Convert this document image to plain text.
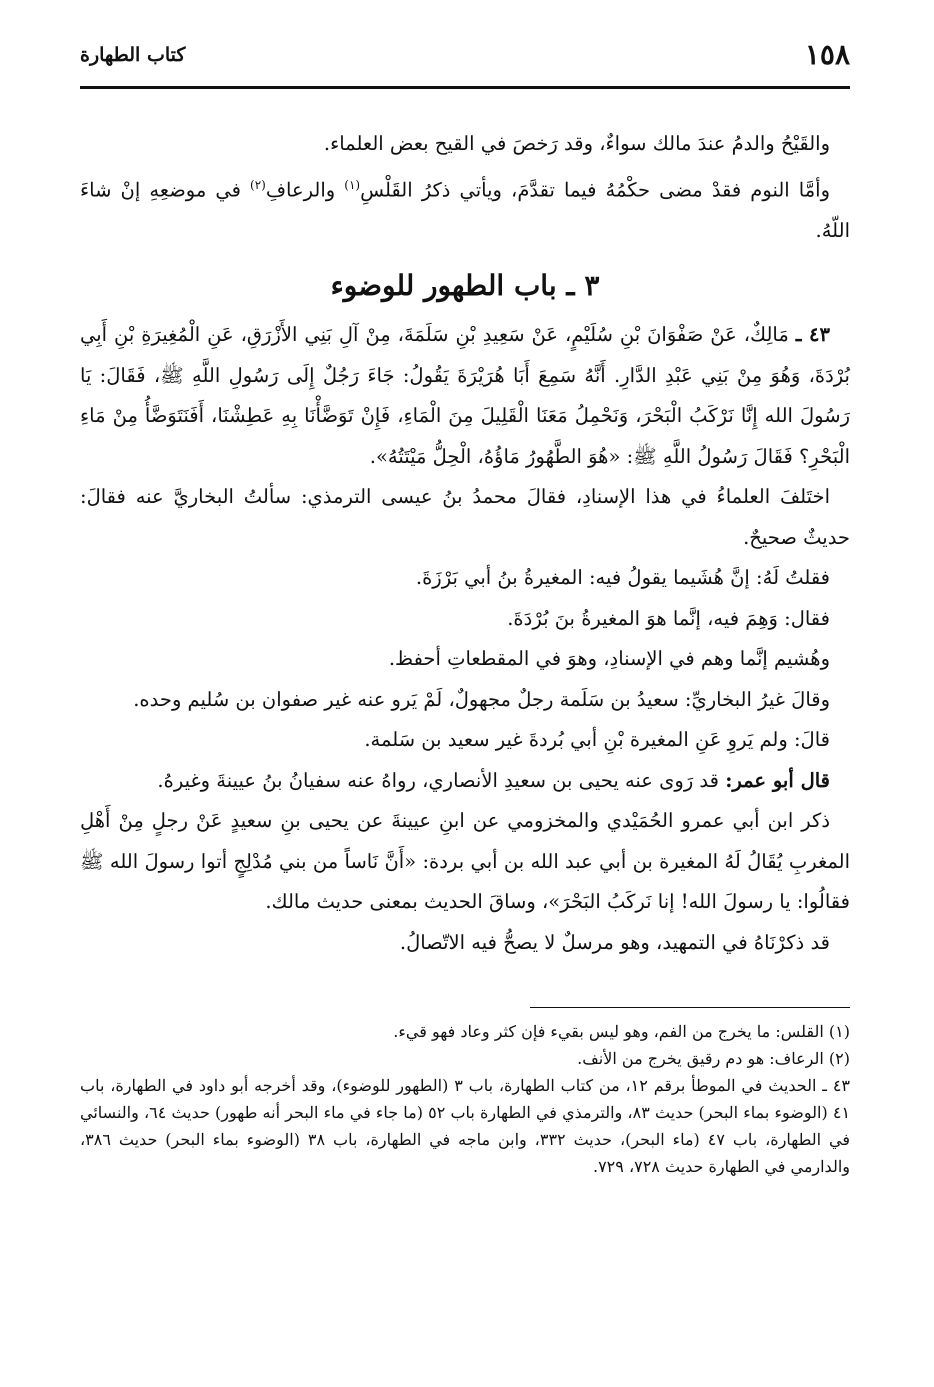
١٥٨
كتاب الطهارة

والقَيْحُ والدمُ عندَ مالك سواءٌ، وقد رَخصَ في القيح بعض العلماء.

وأمَّا النوم فقدْ مضى حكْمُهُ فيما تقدَّمَ، ويأتي ذكرُ القَلْسِ$^{(١)}$ والرعافِ$^{(٢)}$ في موضعِهِ إنْ شاءَ اللّهُ.

٣ ـ باب الطهور للوضوء

٤٣ ـ مَالِكٌ، عَنْ صَفْوَانَ بْنِ سُلَيْمٍ، عَنْ سَعِيدِ بْنِ سَلَمَةَ، مِنْ آلِ بَنِي الأَزْرَقِ، عَنِ الْمُغِيرَةِ بْنِ أَبِي بُرْدَةَ، وَهُوَ مِنْ بَنِي عَبْدِ الدَّارِ. أَنَّهُ سَمِعَ أَبَا هُرَيْرَةَ يَقُولُ: جَاءَ رَجُلٌ إِلَى رَسُولِ اللَّهِ ﷺ، فَقَالَ: يَا رَسُولَ الله إِنَّا نَرْكَبُ الْبَحْرَ، وَنَحْمِلُ مَعَنَا الْقَلِيلَ مِنَ الْمَاءِ، فَإِنْ تَوَضَّأْنَا بِهِ عَطِشْنَا، أَفَنَتَوَضَّأُ مِنْ مَاءِ الْبَحْرِ؟ فَقَالَ رَسُولُ اللَّهِ ﷺ: «هُوَ الطَّهُورُ مَاؤُهُ، الْحِلُّ مَيْتَتُهُ».

اختَلفَ العلماءُ في هذا الإسنادِ، فقالَ محمدُ بنُ عيسى الترمذي: سألتُ البخاريَّ عنه فقالَ: حديثٌ صحيحٌ.

فقلتُ لَهُ: إنَّ هُشَيما يقولُ فيه: المغيرةُ بنُ أبي بَرْزَةَ.

فقال: وَهِمَ فيه، إنَّما هوَ المغيرةُ بنَ بُرْدَةَ.

وهُشيم إنَّما وهم في الإسنادِ، وهوَ في المقطعاتِ أحفظ.

وقالَ غيرُ البخاريِّ: سعيدُ بن سَلَمة رجلٌ مجهولٌ، لَمْ يَرو عنه غير صفوان بن سُليم وحده.

قالَ: ولم يَروِ عَنِ المغيرة بْنِ أبي بُردةَ غير سعيد بن سَلمة.

قال أبو عمر: قد رَوى عنه يحيى بن سعيدِ الأنصاري، رواهُ عنه سفيانُ بنُ عيينةَ وغيرهُ.

ذكر ابن أبي عمرو الحُمَيْدي والمخزومي عن ابنِ عيينةَ عن يحيى بنِ سعيدٍ عَنْ رجلٍ مِنْ أَهْلِ المغربِ يُقَالُ لَهُ المغيرة بن أبي عبد الله بن أبي بردة: «أَنَّ نَاساً من بني مُدْلِجٍ أتوا رسولَ الله ﷺ فقالُوا: يا رسولَ الله! إنا نَركَبُ البَحْرَ»، وساقَ الحديث بمعنى حديث مالك.

قد ذكرْنَاهُ في التمهيد، وهو مرسلٌ لا يصحُّ فيه الاتّصالُ.

(١) القلس: ما يخرج من الفم، وهو ليس بقيء فإن كثر وعاد فهو قيء.

(٢) الرعاف: هو دم رقيق يخرج من الأنف.

٤٣ ـ الحديث في الموطأ برقم ١٢، من كتاب الطهارة، باب ٣ (الطهور للوضوء)، وقد أخرجه أبو داود في الطهارة، باب ٤١ (الوضوء بماء البحر) حديث ٨٣، والترمذي في الطهارة باب ٥٢ (ما جاء في ماء البحر أنه طهور) حديث ٦٤، والنسائي في الطهارة، باب ٤٧ (ماء البحر)، حديث ٣٣٢، وابن ماجه في الطهارة، باب ٣٨ (الوضوء بماء البحر) حديث ٣٨٦، والدارمي في الطهارة حديث ٧٢٨، ٧٢٩.
